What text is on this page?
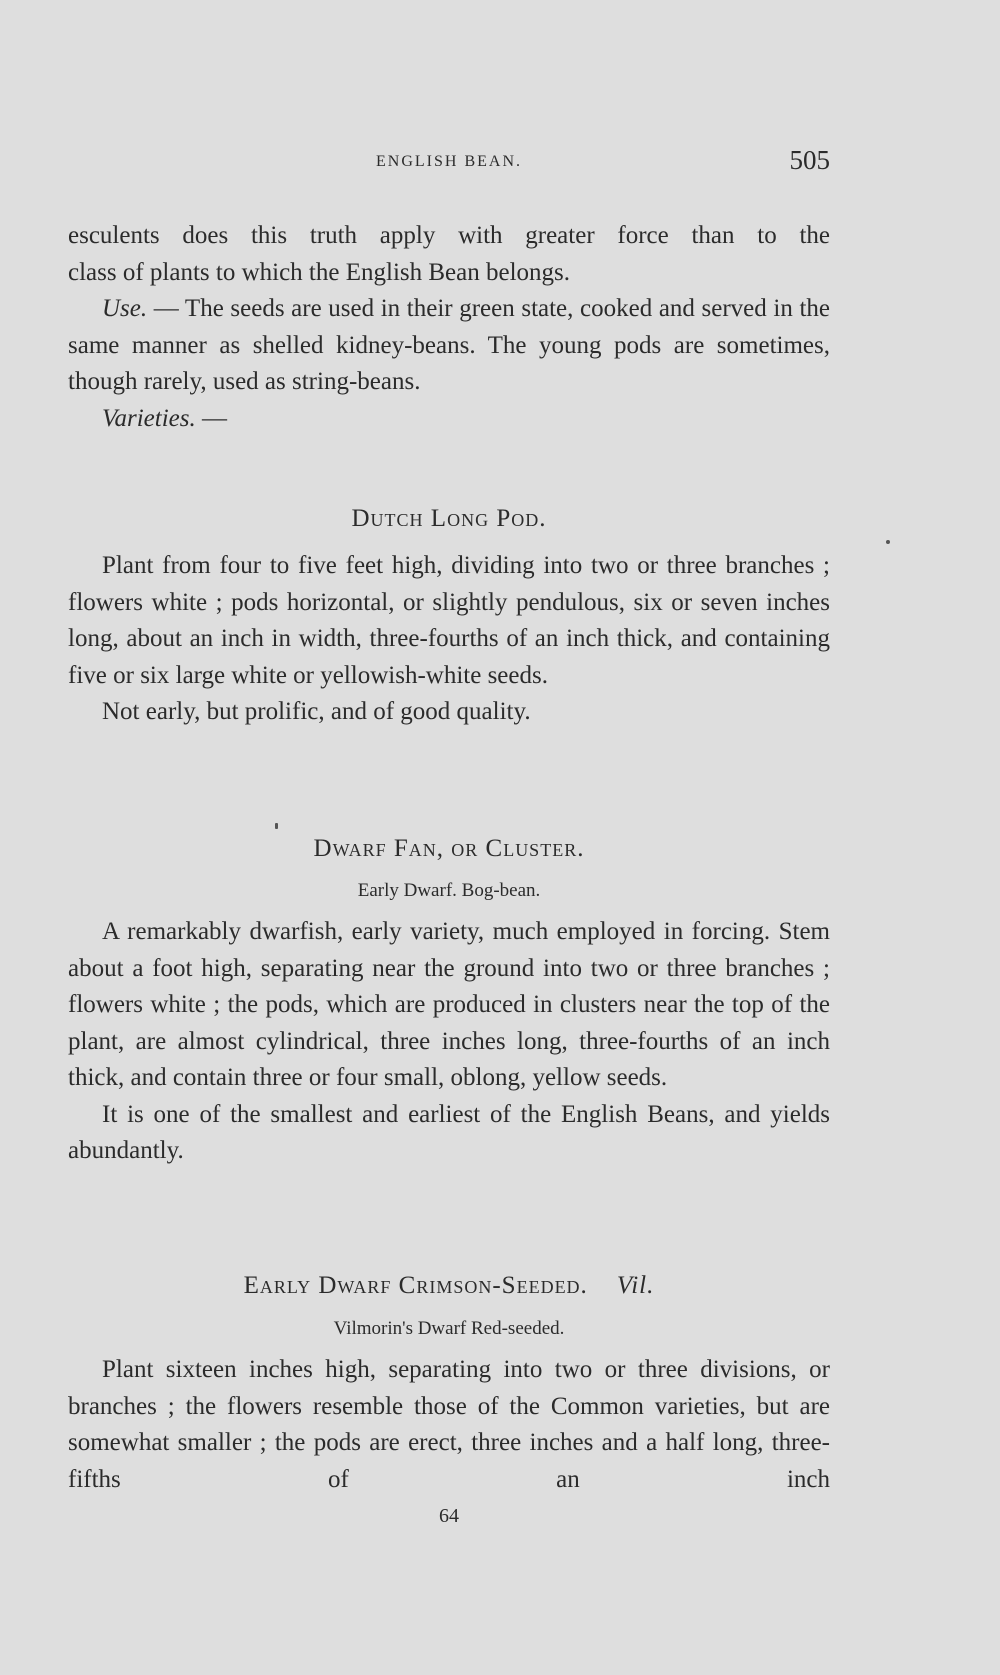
ENGLISH BEAN.	505

esculents does this truth apply with greater force than to the

class of plants to which the English Bean belongs.

Use. — The seeds are used in their green state, cooked and served in the same manner as shelled kidney-beans. The young pods are sometimes, though rarely, used as string-beans.

Varieties. —

Dutch Long Pod.

Plant from four to five feet high, dividing into two or three branches ; flowers white ; pods horizontal, or slightly pendulous, six or seven inches long, about an inch in width, three-fourths of an inch thick, and containing five or six large white or yellowish-white seeds.

Not early, but prolific, and of good quality.

Dwarf Fan, or Cluster.
Early Dwarf. Bog-bean.

A remarkably dwarfish, early variety, much employed in forcing. Stem about a foot high, separating near the ground into two or three branches ; flowers white ; the pods, which are produced in clusters near the top of the plant, are almost cylindrical, three inches long, three-fourths of an inch thick, and contain three or four small, oblong, yellow seeds.

It is one of the smallest and earliest of the English Beans, and yields abundantly.

Early Dwarf Crimson-Seeded. Vil.
Vilmorin's Dwarf Red-seeded.

Plant sixteen inches high, separating into two or three divisions, or branches ; the flowers resemble those of the Common varieties, but are somewhat smaller ; the pods are erect, three inches and a half long, three-fifths of an inch

64
